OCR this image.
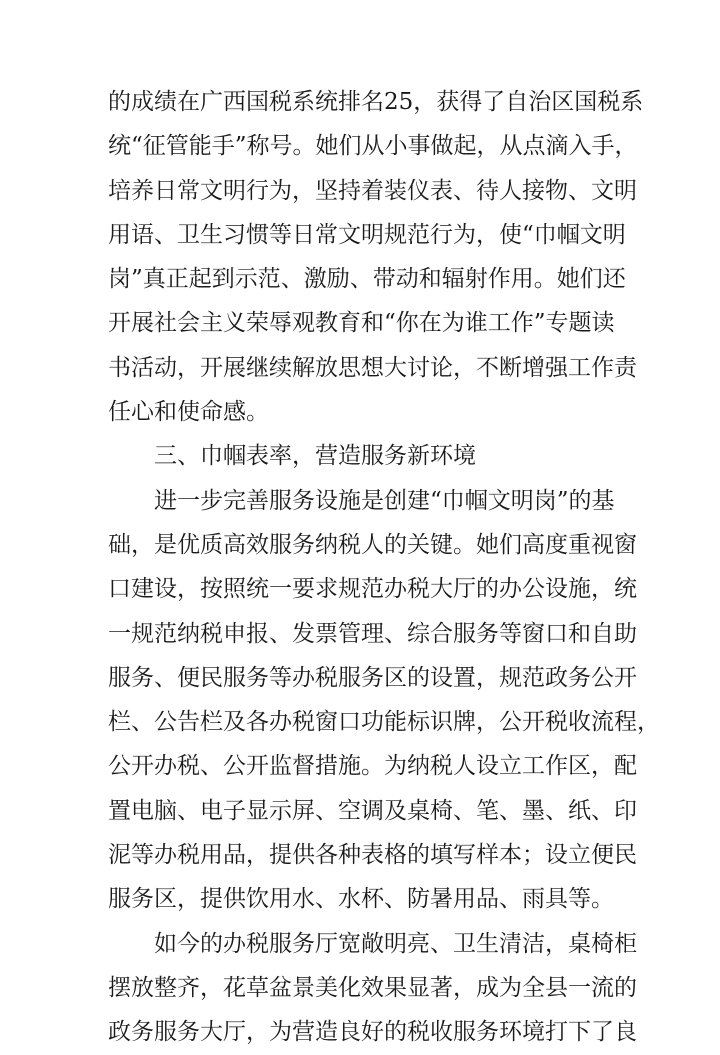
的成绩在广西国税系统排名25，获得了自治区国税系
统“征管能手”称号。她们从小事做起，从点滴入手，
培养日常文明行为，坚持着装仪表、待人接物、文明
用语、卫生习惯等日常文明规范行为，使“巾帼文明
岗”真正起到示范、激励、带动和辐射作用。她们还
开展社会主义荣辱观教育和“你在为谁工作”专题读
书活动，开展继续解放思想大讨论，不断增强工作责
任心和使命感。
三、巾帼表率，营造服务新环境
进一步完善服务设施是创建“巾帼文明岗”的基
础，是优质高效服务纳税人的关键。她们高度重视窗
口建设，按照统一要求规范办税大厅的办公设施，统
一规范纳税申报、发票管理、综合服务等窗口和自助
服务、便民服务等办税服务区的设置，规范政务公开
栏、公告栏及各办税窗口功能标识牌，公开税收流程，
公开办税、公开监督措施。为纳税人设立工作区，配
置电脑、电子显示屏、空调及桌椅、笔、墨、纸、印
泥等办税用品，提供各种表格的填写样本；设立便民
服务区，提供饮用水、水杯、防暑用品、雨具等。
如今的办税服务厅宽敞明亮、卫生清洁，桌椅柜
摆放整齐，花草盆景美化效果显著，成为全县一流的
政务服务大厅，为营造良好的税收服务环境打下了良
